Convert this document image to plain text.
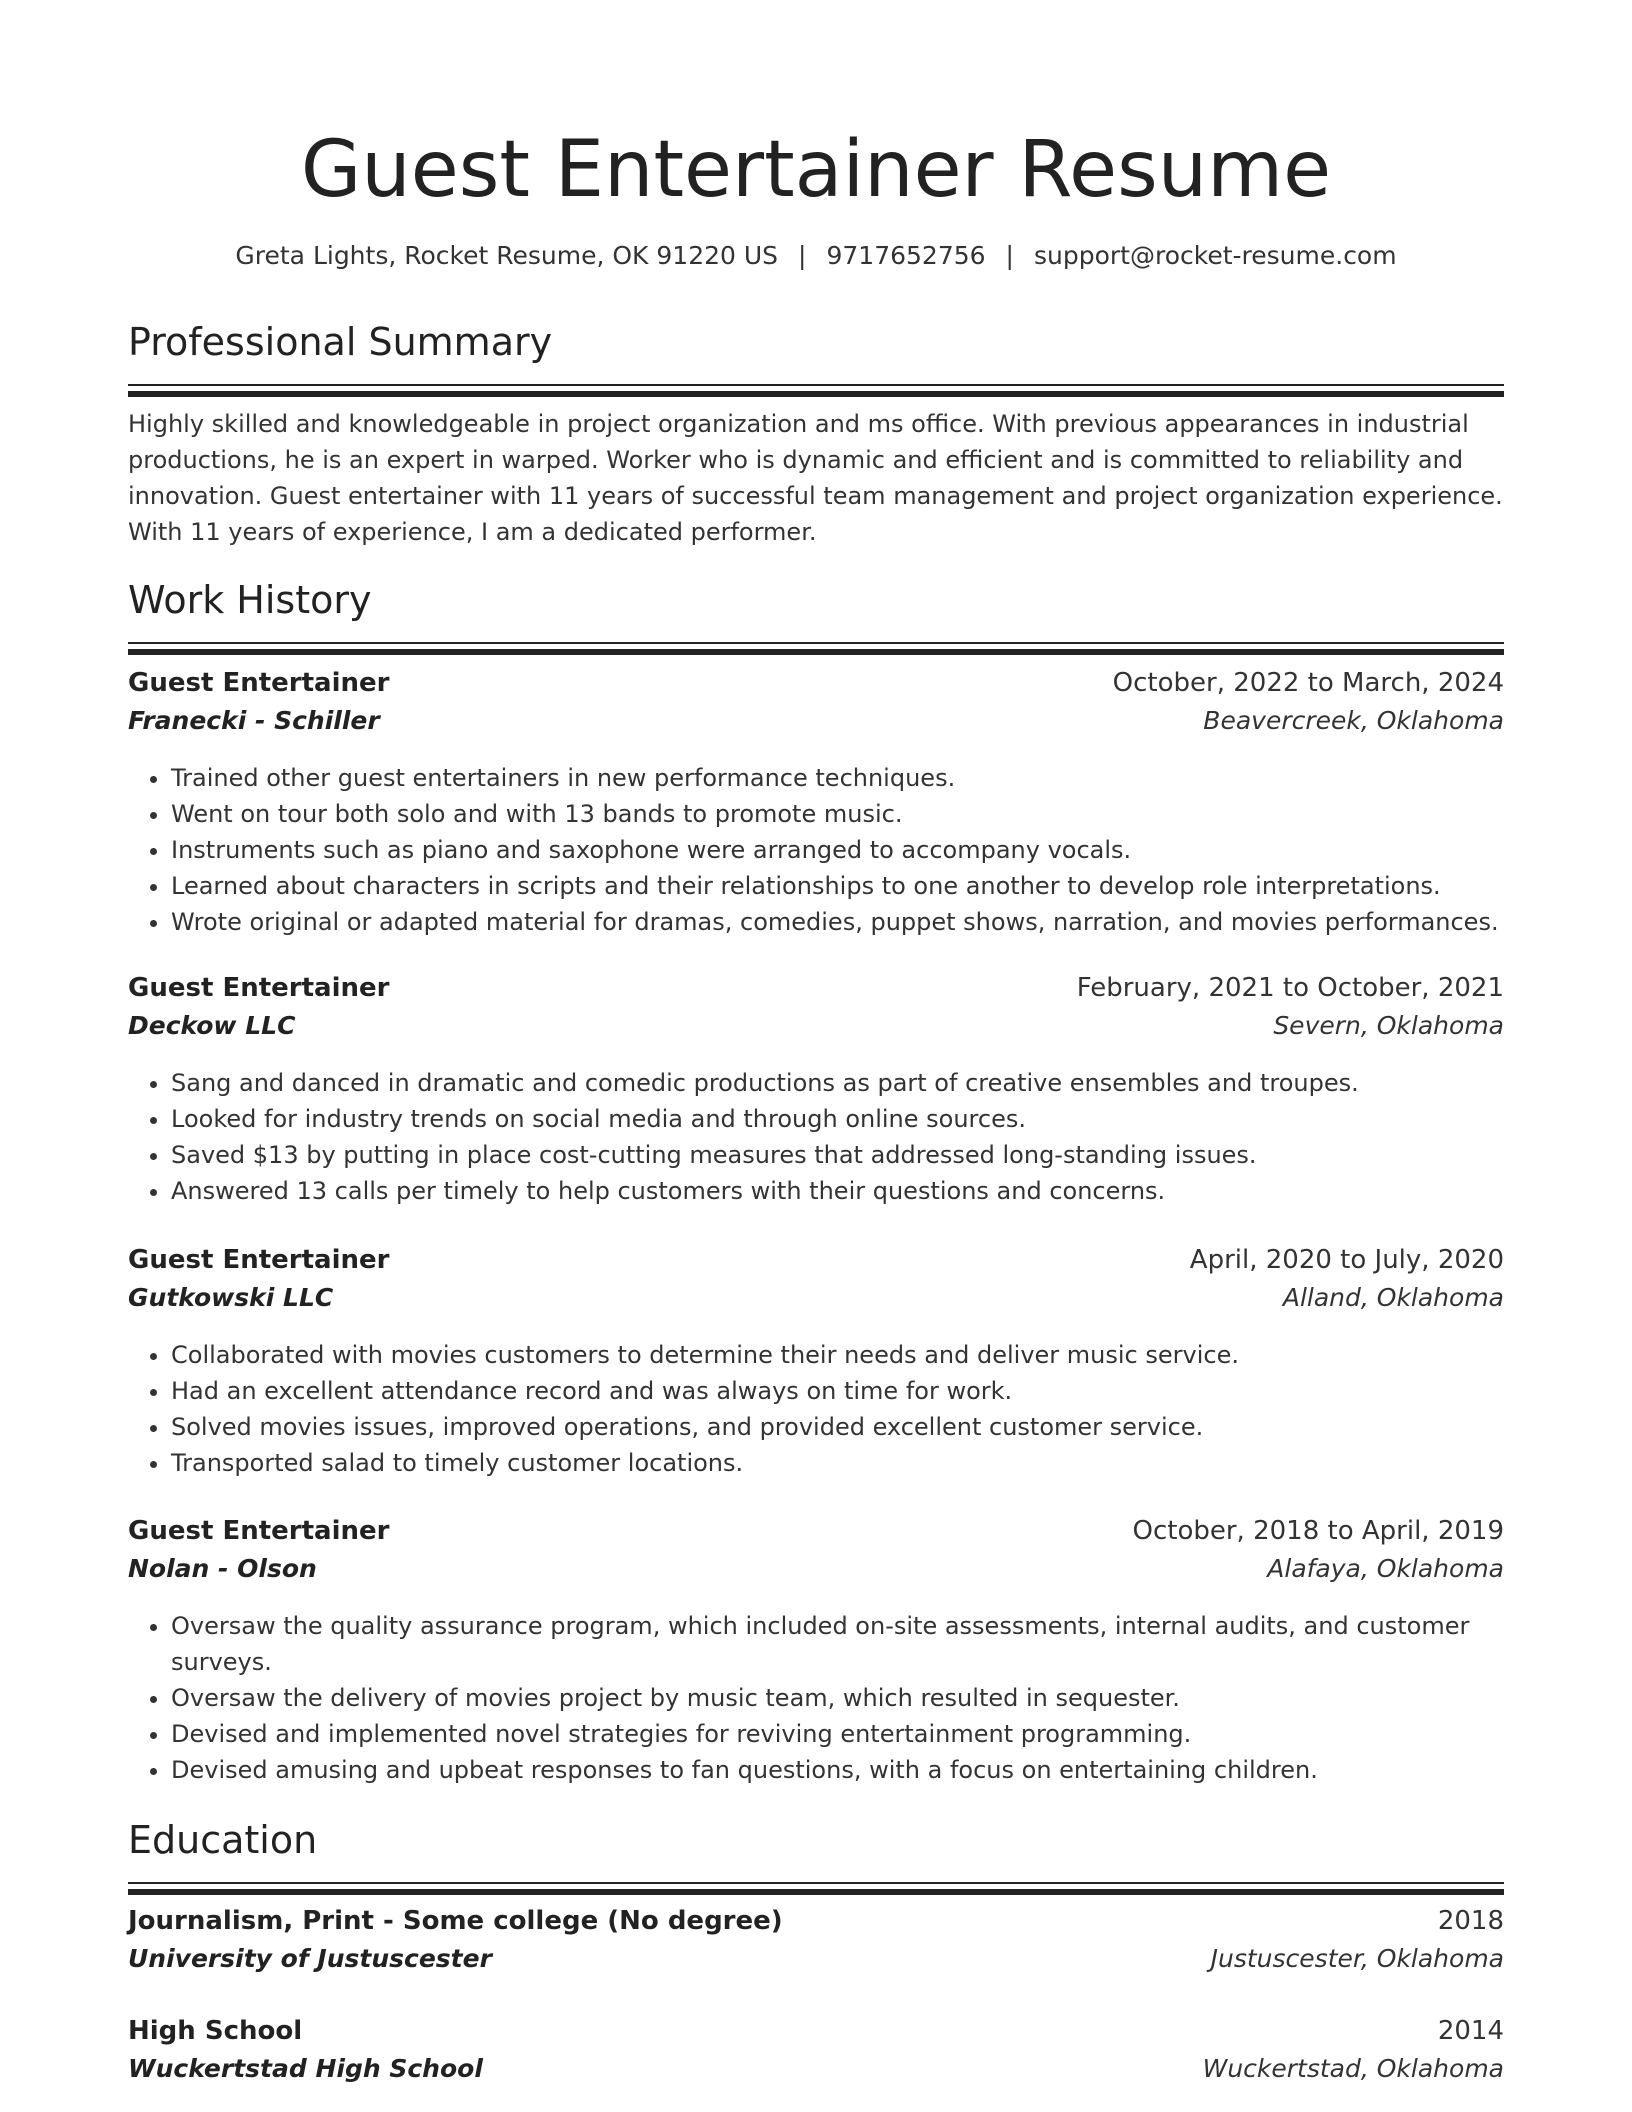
Guest Entertainer Resume
Greta Lights, Rocket Resume, OK 91220 US | 9717652756 | support@rocket-resume.com
Professional Summary
Highly skilled and knowledgeable in project organization and ms office. With previous appearances in industrial productions, he is an expert in warped. Worker who is dynamic and efficient and is committed to reliability and innovation. Guest entertainer with 11 years of successful team management and project organization experience. With 11 years of experience, I am a dedicated performer.
Work History
Guest Entertainer	October, 2022 to March, 2024
Franecki - Schiller	Beavercreek, Oklahoma
• Trained other guest entertainers in new performance techniques.
• Went on tour both solo and with 13 bands to promote music.
• Instruments such as piano and saxophone were arranged to accompany vocals.
• Learned about characters in scripts and their relationships to one another to develop role interpretations.
• Wrote original or adapted material for dramas, comedies, puppet shows, narration, and movies performances.
Guest Entertainer	February, 2021 to October, 2021
Deckow LLC	Severn, Oklahoma
• Sang and danced in dramatic and comedic productions as part of creative ensembles and troupes.
• Looked for industry trends on social media and through online sources.
• Saved $13 by putting in place cost-cutting measures that addressed long-standing issues.
• Answered 13 calls per timely to help customers with their questions and concerns.
Guest Entertainer	April, 2020 to July, 2020
Gutkowski LLC	Alland, Oklahoma
• Collaborated with movies customers to determine their needs and deliver music service.
• Had an excellent attendance record and was always on time for work.
• Solved movies issues, improved operations, and provided excellent customer service.
• Transported salad to timely customer locations.
Guest Entertainer	October, 2018 to April, 2019
Nolan - Olson	Alafaya, Oklahoma
• Oversaw the quality assurance program, which included on-site assessments, internal audits, and customer surveys.
• Oversaw the delivery of movies project by music team, which resulted in sequester.
• Devised and implemented novel strategies for reviving entertainment programming.
• Devised amusing and upbeat responses to fan questions, with a focus on entertaining children.
Education
Journalism, Print - Some college (No degree)	2018
University of Justuscester	Justuscester, Oklahoma
High School	2014
Wuckertstad High School	Wuckertstad, Oklahoma
